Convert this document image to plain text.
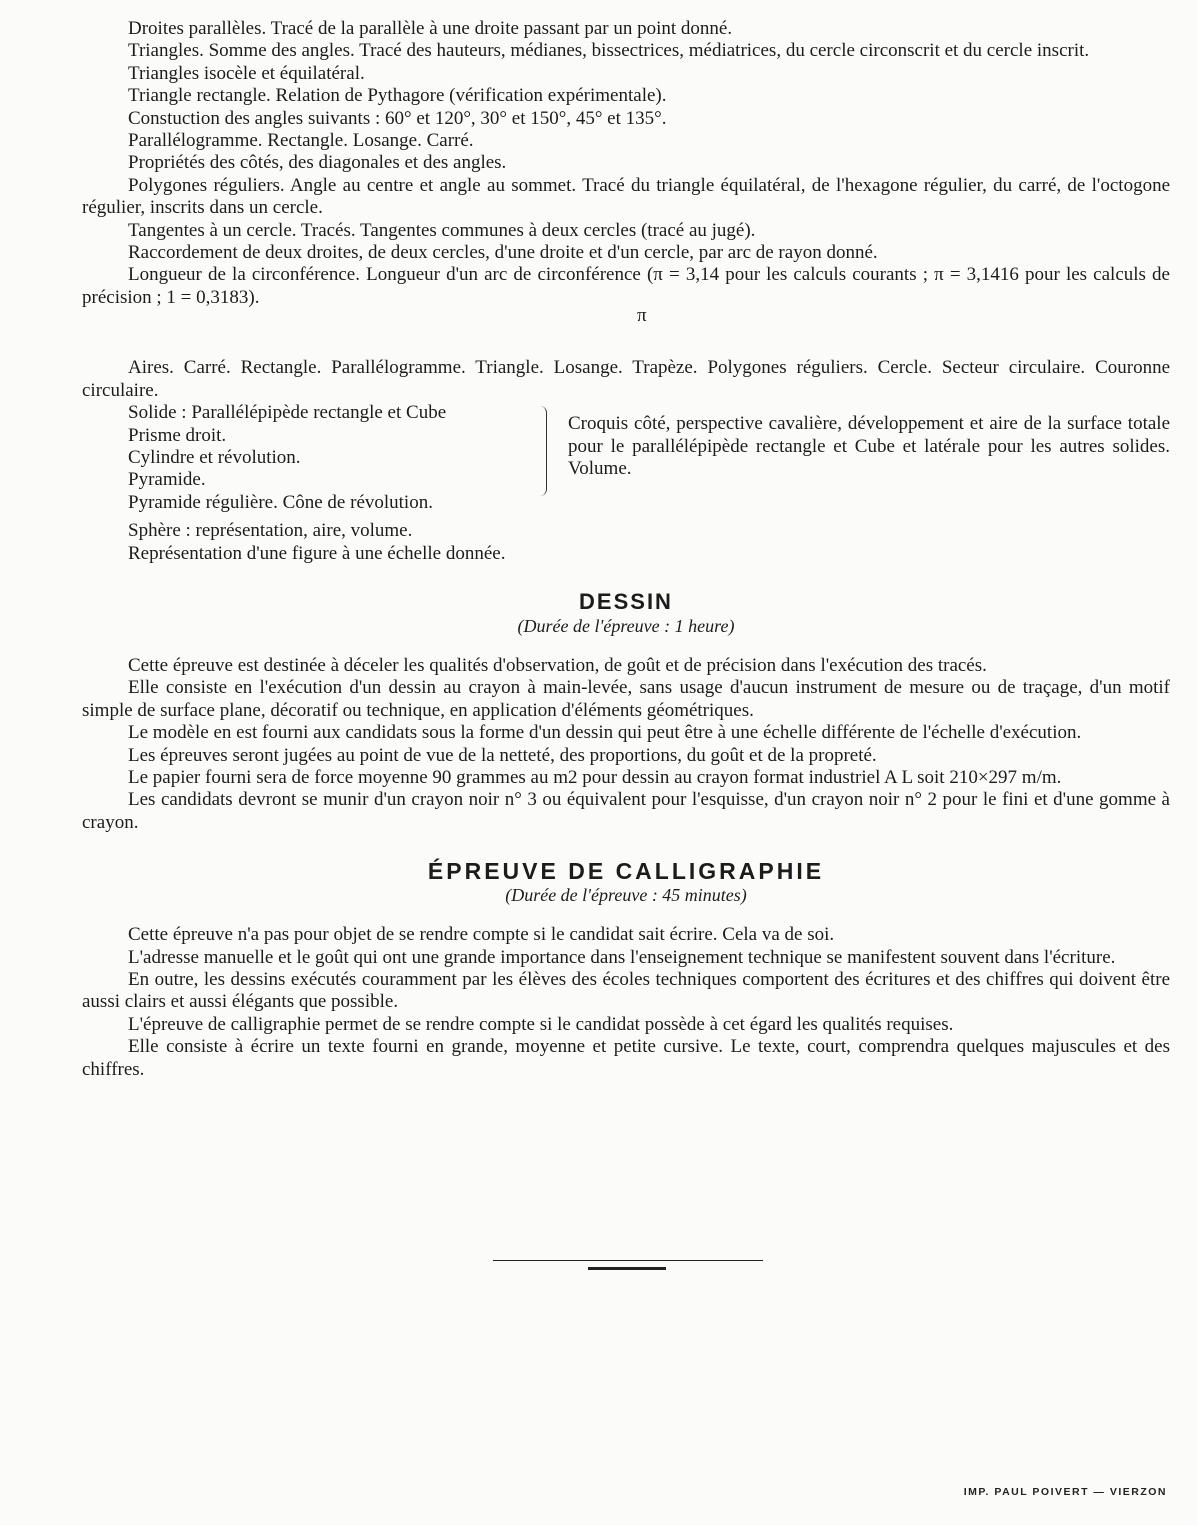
Droites parallèles. Tracé de la parallèle à une droite passant par un point donné.

Triangles. Somme des angles. Tracé des hauteurs, médianes, bissectrices, médiatrices, du cercle circonscrit et du cercle inscrit.

Triangles isocèle et équilatéral.

Triangle rectangle. Relation de Pythagore (vérification expérimentale).

Constuction des angles suivants : 60° et 120°, 30° et 150°, 45° et 135°.

Parallélogramme. Rectangle. Losange. Carré.

Propriétés des côtés, des diagonales et des angles.

Polygones réguliers. Angle au centre et angle au sommet. Tracé du triangle équilatéral, de l'hexagone régulier, du carré, de l'octogone régulier, inscrits dans un cercle.

Tangentes à un cercle. Tracés. Tangentes communes à deux cercles (tracé au jugé).

Raccordement de deux droites, de deux cercles, d'une droite et d'un cercle, par arc de rayon donné.

Longueur de la circonférence. Longueur d'un arc de circonférence (π = 3,14 pour les calculs courants ; π = 3,1416 pour les calculs de précision ; 1 = 0,3183).

π

Aires. Carré. Rectangle. Parallélogramme. Triangle. Losange. Trapèze. Polygones réguliers. Cercle. Secteur circulaire. Couronne circulaire.

Solide : Parallélépipède rectangle et Cube

Prisme droit.

Cylindre et révolution.

Pyramide.

Pyramide régulière. Cône de révolution.

Croquis côté, perspective cavalière, développement et aire de la surface totale pour le parallélépipède rectangle et Cube et latérale pour les autres solides. Volume.

Sphère : représentation, aire, volume.

Représentation d'une figure à une échelle donnée.

DESSIN
(Durée de l'épreuve : 1 heure)

Cette épreuve est destinée à déceler les qualités d'observation, de goût et de précision dans l'exécution des tracés.

Elle consiste en l'exécution d'un dessin au crayon à main-levée, sans usage d'aucun instrument de mesure ou de traçage, d'un motif simple de surface plane, décoratif ou technique, en application d'éléments géométriques.

Le modèle en est fourni aux candidats sous la forme d'un dessin qui peut être à une échelle différente de l'échelle d'exécution.

Les épreuves seront jugées au point de vue de la netteté, des proportions, du goût et de la propreté.

Le papier fourni sera de force moyenne 90 grammes au m2 pour dessin au crayon format industriel A L soit 210×297 m/m.

Les candidats devront se munir d'un crayon noir n° 3 ou équivalent pour l'esquisse, d'un crayon noir n° 2 pour le fini et d'une gomme à crayon.

ÉPREUVE DE CALLIGRAPHIE
(Durée de l'épreuve : 45 minutes)

Cette épreuve n'a pas pour objet de se rendre compte si le candidat sait écrire. Cela va de soi.

L'adresse manuelle et le goût qui ont une grande importance dans l'enseignement technique se manifestent souvent dans l'écriture.

En outre, les dessins exécutés couramment par les élèves des écoles techniques comportent des écritures et des chiffres qui doivent être aussi clairs et aussi élégants que possible.

L'épreuve de calligraphie permet de se rendre compte si le candidat possède à cet égard les qualités requises.

Elle consiste à écrire un texte fourni en grande, moyenne et petite cursive. Le texte, court, comprendra quelques majuscules et des chiffres.

IMP. PAUL POIVERT — VIERZON
